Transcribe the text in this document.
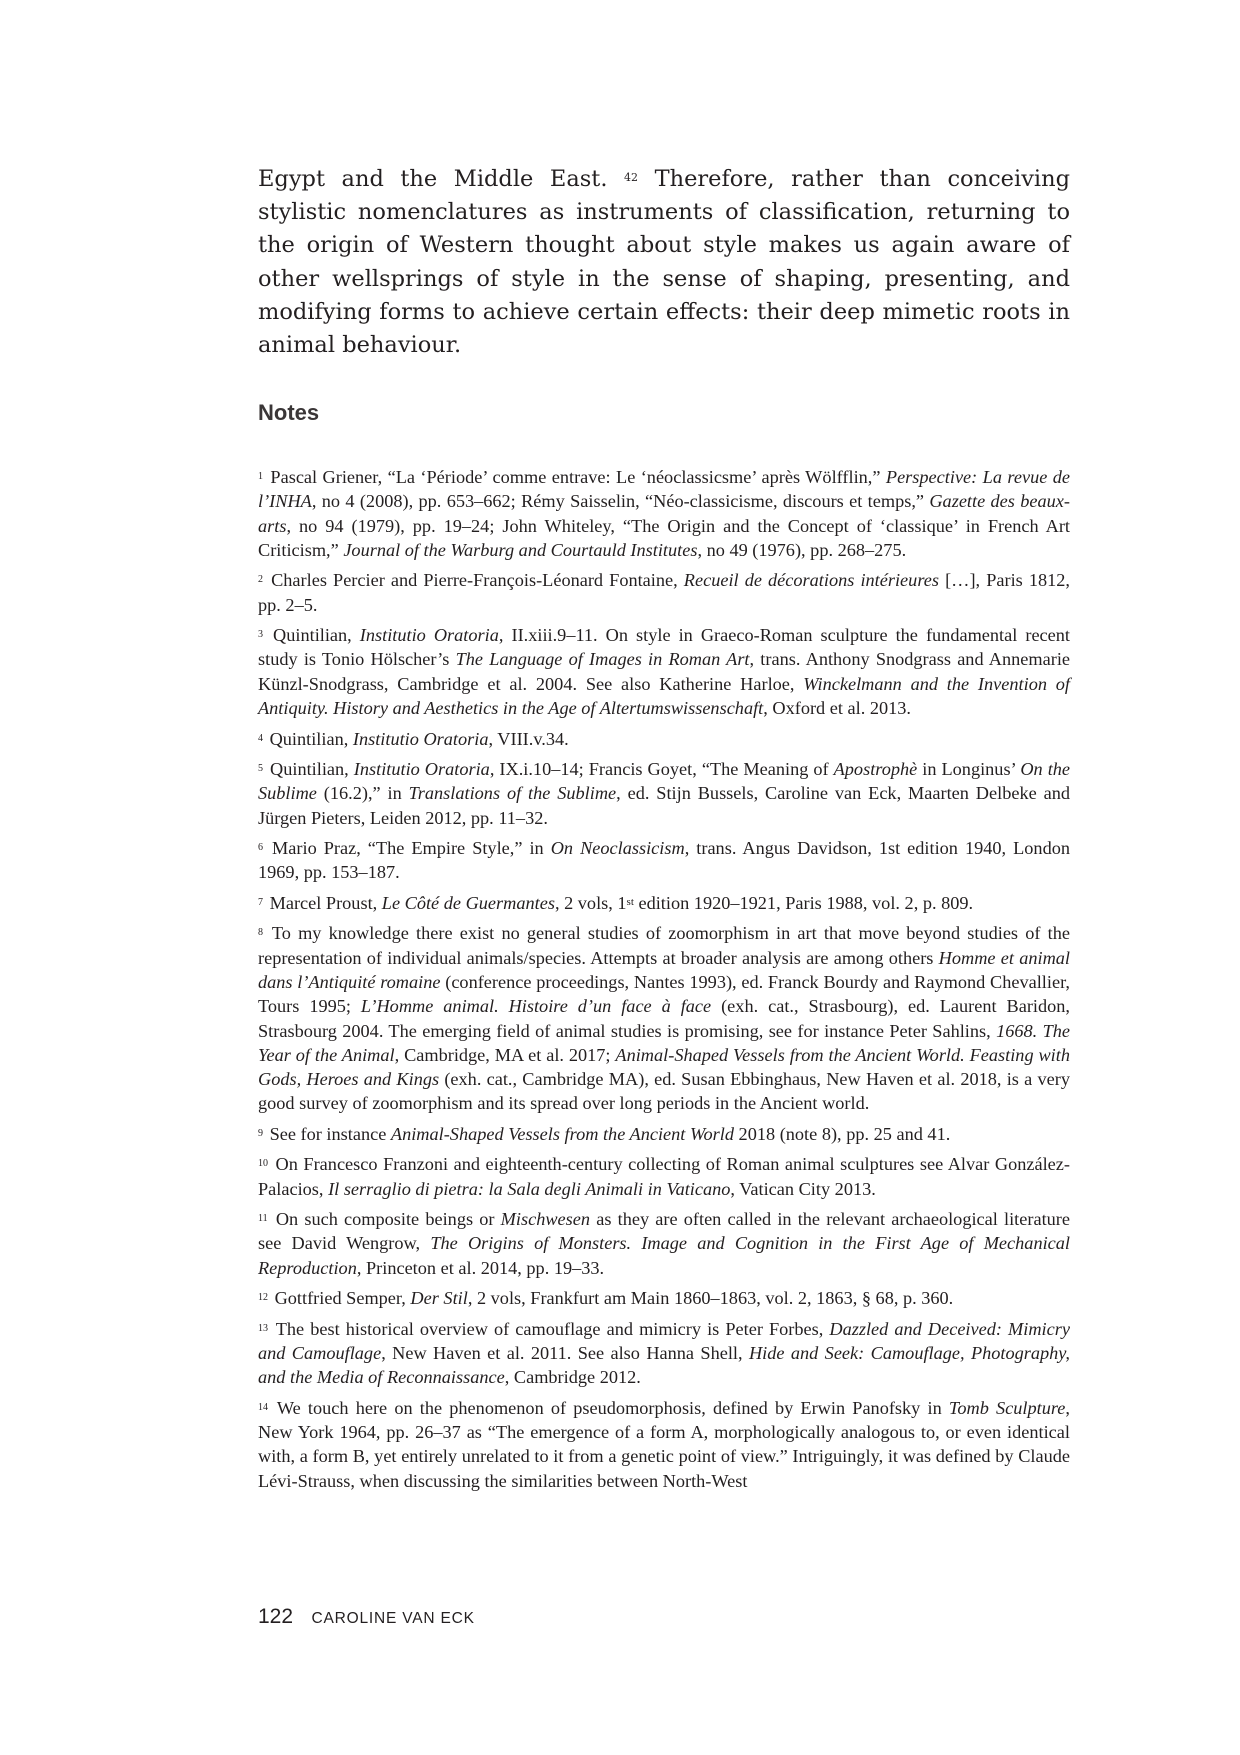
Egypt and the Middle East. $^{42}$ Therefore, rather than conceiving stylistic nomenclatures as instruments of classification, returning to the origin of Western thought about style makes us again aware of other wellsprings of style in the sense of shaping, presenting, and modifying forms to achieve certain effects: their deep mimetic roots in animal behaviour.

Notes
$^1$ Pascal Griener, “La ‘Période’ comme entrave: Le ‘néoclassicsme’ après Wölfflin,” Perspective: La revue de l’INHA, no 4 (2008), pp. 653–662; Rémy Saisselin, “Néo-classicisme, discours et temps,” Gazette des beaux-arts, no 94 (1979), pp. 19–24; John Whiteley, “The Origin and the Concept of ‘classique’ in French Art Criticism,” Journal of the Warburg and Courtauld Institutes, no 49 (1976), pp. 268–275.
$^2$ Charles Percier and Pierre-François-Léonard Fontaine, Recueil de décorations intérieures […], Paris 1812, pp. 2–5.
$^3$ Quintilian, Institutio Oratoria, II.xiii.9–11. On style in Graeco-Roman sculpture the fundamental recent study is Tonio Hölscher’s The Language of Images in Roman Art, trans. Anthony Snodgrass and Annemarie Künzl-Snodgrass, Cambridge et al. 2004. See also Katherine Harloe, Winckelmann and the Invention of Antiquity. History and Aesthetics in the Age of Altertumswissenschaft, Oxford et al. 2013.
$^4$ Quintilian, Institutio Oratoria, VIII.v.34.
$^5$ Quintilian, Institutio Oratoria, IX.i.10–14; Francis Goyet, “The Meaning of Apostrophè in Longinus’ On the Sublime (16.2),” in Translations of the Sublime, ed. Stijn Bussels, Caroline van Eck, Maarten Delbeke and Jürgen Pieters, Leiden 2012, pp. 11–32.
$^6$ Mario Praz, “The Empire Style,” in On Neoclassicism, trans. Angus Davidson, 1st edition 1940, London 1969, pp. 153–187.
$^7$ Marcel Proust, Le Côté de Guermantes, 2 vols, 1st edition 1920–1921, Paris 1988, vol. 2, p. 809.
$^8$ To my knowledge there exist no general studies of zoomorphism in art that move beyond studies of the representation of individual animals/species. Attempts at broader analysis are among others Homme et animal dans l’Antiquité romaine (conference proceedings, Nantes 1993), ed. Franck Bourdy and Raymond Chevallier, Tours 1995; L’Homme animal. Histoire d’un face à face (exh. cat., Strasbourg), ed. Laurent Baridon, Strasbourg 2004. The emerging field of animal studies is promising, see for instance Peter Sahlins, 1668. The Year of the Animal, Cambridge, MA et al. 2017; Animal-Shaped Vessels from the Ancient World. Feasting with Gods, Heroes and Kings (exh. cat., Cambridge MA), ed. Susan Ebbinghaus, New Haven et al. 2018, is a very good survey of zoomorphism and its spread over long periods in the Ancient world.
$^9$ See for instance Animal-Shaped Vessels from the Ancient World 2018 (note 8), pp. 25 and 41.
$^{10}$ On Francesco Franzoni and eighteenth-century collecting of Roman animal sculptures see Alvar González-Palacios, Il serraglio di pietra: la Sala degli Animali in Vaticano, Vatican City 2013.
$^{11}$ On such composite beings or Mischwesen as they are often called in the relevant archaeological literature see David Wengrow, The Origins of Monsters. Image and Cognition in the First Age of Mechanical Reproduction, Princeton et al. 2014, pp. 19–33.
$^{12}$ Gottfried Semper, Der Stil, 2 vols, Frankfurt am Main 1860–1863, vol. 2, 1863, § 68, p. 360.
$^{13}$ The best historical overview of camouflage and mimicry is Peter Forbes, Dazzled and Deceived: Mimicry and Camouflage, New Haven et al. 2011. See also Hanna Shell, Hide and Seek: Camouflage, Photography, and the Media of Reconnaissance, Cambridge 2012.
$^{14}$ We touch here on the phenomenon of pseudomorphosis, defined by Erwin Panofsky in Tomb Sculpture, New York 1964, pp. 26–37 as “The emergence of a form A, morphologically analogous to, or even identical with, a form B, yet entirely unrelated to it from a genetic point of view.” Intriguingly, it was defined by Claude Lévi-Strauss, when discussing the similarities between North-West
122 CAROLINE VAN ECK
